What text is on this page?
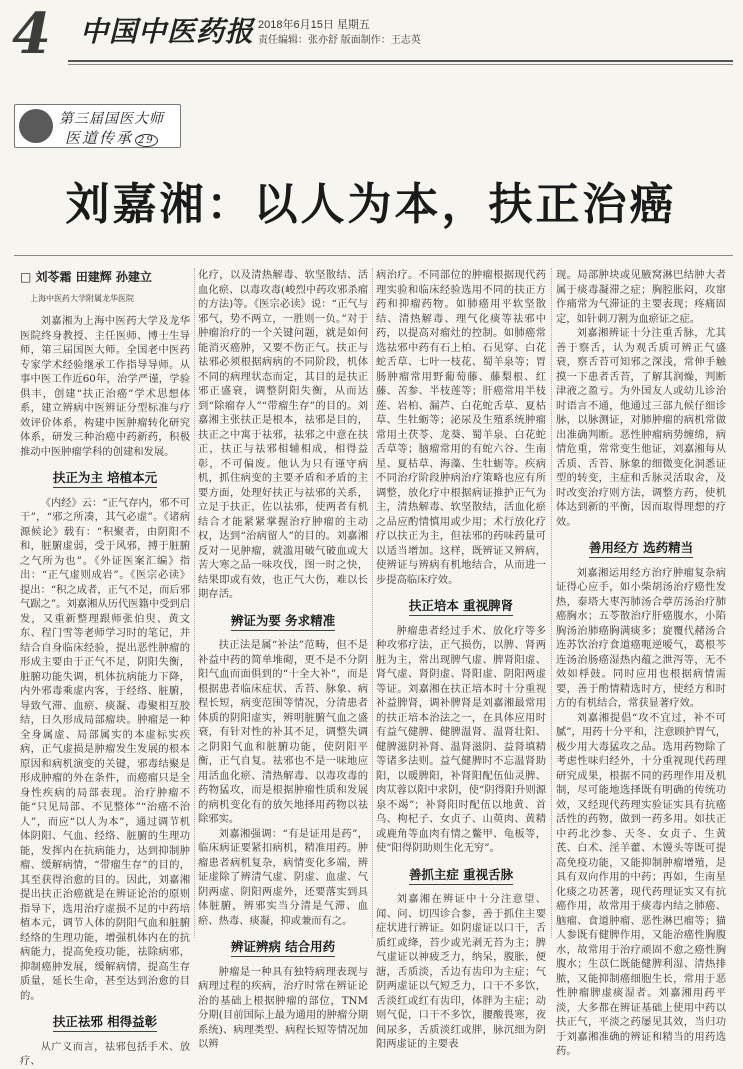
4 中国中医药报 2018年6月15日 星期五
责任编辑：张亦舒 版面制作：王志英
第三届国医大师
医道传承 29
刘嘉湘：以人为本，扶正治癌
□ 刘苓霜 田建辉 孙建立
上海中医药大学附属龙华医院

刘嘉湘为上海中医药大学及龙华医院终身教授、主任医师、博士生导师，第三届国医大师。全国老中医药专家学术经验继承工作指导导师。从事中医工作近60年，治学严谨，学验俱丰，创建“扶正治癌”学术思想体系，建立辨病中医辨证分型标准与疗效评价体系，构建中医肿瘤转化研究体系，研发三种治癌中药新药，积极推动中医肿瘤学科的创建和发展。

扶正为主 培植本元

《内经》云：“正气存内，邪不可干”，“邪之所凑，其气必虚”。《诸病源候论》载有：“积聚者，由阴阳不和，脏腑虚弱，受于风邪，搏于脏腑之气所为也”。《外证医案汇编》指出：“正气虚则成岩”。《医宗必读》提出：“积之成者，正气不足，而后邪气踞之”。刘嘉湘从历代医籍中受到启发，又重新整理跟师张伯臾、黄文东、程门雪等老师学习时的笔记，并结合自身临床经验，提出恶性肿瘤的形成主要由于正气不足，阴阳失衡，脏腑功能失调，机体抗病能力下降，内外邪毒乘虚内客，于经络、脏腑，导致气滞、血瘀、痰凝、毒聚相互胶结，日久形成局部瘤块。肿瘤是一种全身属虚、局部属实的本虚标实疾病，正气虚损是肿瘤发生发展的根本原因和病机演变的关键，邪毒结聚是形成肿瘤的外在条件，而癌瘤只是全身性疾病的局部表现。治疗肿瘤不能“只见局部、不见整体”“治癌不治人”，而应“以人为本”，通过调节机体阴阳、气血、经络、脏腑的生理功能，发挥内在抗病能力，达到抑制肿瘤、缓解病情，“带瘤生存”的目的，其至获得治愈的目的。因此，刘嘉湘提出扶正治癌就是在辨证论治的原则指导下，选用治疗虚损不足的中药培植本元，调节人体的阴阳气血和脏腑经络的生理功能，增强机体内在的抗病能力，提高免疫功能，祛除病邪，抑制癌肿发展，缓解病情，提高生存质量，延长生命，甚至达到治愈的目的。

扶正祛邪 相得益彰

从广义而言，祛邪包括手术、放疗、

化疗，以及清热解毒、软坚散结、活血化瘀、以毒攻毒(峻烈中药攻邪杀瘤的方法)等。《医宗必读》说：“正气与邪气，势不两立，一胜则一负。”对于肿瘤治疗的一个关键问题，就是如何能消灭癌肿，又要不伤正气。扶正与祛邪必须根据病病的不同阶段，机体不同的病理状态而定，其目的是扶正邪正盛衰，调整阴阳失衡，从而达到“除瘤存人”“带瘤生存”的目的。刘嘉湘主张扶正是根本，祛邪是目的，扶正之中寓于祛邪，祛邪之中意在扶正，扶正与祛邪相辅相成，相得益彰，不可偏废。他认为只有谨守病机，抓住病变的主要矛盾和矛盾的主要方面，处理好扶正与祛邪的关系，立足于扶正，佐以祛邪，使两者有机结合才能紧紧掌握治疗肿瘤的主动权，达到“治病留人”的目的。刘嘉湘反对一见肿瘤，就滥用破气破血或大苦大寒之品一味攻伐，图一时之快，结果即或有效，也正气大伤，难以长期存活。

辨证为要 务求精准

扶正法是属“补法”范畴，但不是补益中药的简单堆砌，更不是不分阴阳气血而面俱到的“十全大补”，而是根据患者临床症状、舌苔、脉象、病程长短，病变范围等情况，分清患者体质的阴阳虚实，辨明脏腑气血之盛衰，有针对性的补其不足，调整失调之阴阳气血和脏腑功能，使阴阳平衡，正气自复。祛邪也不是一味地应用活血化瘀、清热解毒、以毒攻毒的药物猛攻，而是根据肿瘤性质和发展的病机变化有的放矢地择用药物以祛除邪实。

刘嘉湘强调：“有是证用是药”，临床病证要紧扣病机，精准用药。肿瘤患者病机复杂，病情变化多端，辨证虚除了辨清气虚、阴虚、血虚、气阴两虚、阴阳两虚外，还要落实到具体脏腑，辨邪实当分清是气滞、血瘀、热毒、痰凝，抑或兼而有之。

辨证辨病 结合用药

肿瘤是一种具有独特病理表现与病理过程的疾病，治疗时常在辨证论治的基础上根据肿瘤的部位，TNM分期(目前国际上最为通用的肿瘤分期系统)、病理类型、病程长短等情况加以辨

病治疗。不同部位的肿瘤根据现代药理实验和临床经验选用不同的扶正方药和抑瘤药物。如肺癌用平软坚散结、清热解毒、理气化痰等祛邪中药，以提高对瘤灶的控制。如肺癌常选祛邪中药有石上柏、石见穿、白花蛇舌草、七叶一枝花、蜀羊泉等；胃肠肿瘤常用野葡萄藤、藤梨根、红藤、苦参、半枝莲等；肝癌常用半枝莲、岩柏、漏芦、白花蛇舌草、夏枯草、生牡蛎等；泌尿及生殖系统肿瘤常用土茯苓、龙葵、蜀羊泉、白花蛇舌草等；脑瘤常用的有蛇六谷、生南星、夏枯草、海藻、生牡蛎等。疾病不同治疗阶段肿病治疗策略也应有所调整，放化疗中根据病证推护正气为主，清热解毒、软坚散结，活血化瘀之品应酌情慎用或少用；术行放化疗疗以扶正为主，但祛邪的药味药量可以适当增加。这样，既辨证又辨病，使辨证与辨病有机地结合，从而进一步提高临床疗效。

扶正培本 重视脾肾

肿瘤患者经过手术、放化疗等多种攻邪疗法，正气损伤，以脾、肾两脏为主，常出现脾气虚、脾肾阳虚、肾气虚、肾阴虚、肾阳虚、阴阳两虚等证。刘嘉湘在扶正培本时十分重视补益脾肾，调补脾肾是刘嘉湘最常用的扶正培本治法之一，在具体应用时有益气健脾、健脾温肾、温肾壮阳、健脾滋阴补肾、温肾滋阴、益肾填精等诸多法则。益气健脾时不忘温肾助阳，以暖脾阳，补肾阳配伍仙灵脾、肉苁蓉以阳中求阴，使“阴得阳升则源泉不竭”；补肾阳时配伍以地黄、首乌、枸杞子、女贞子、山萸肉、黄精或鹿角等血肉有情之鳖甲、龟板等，使“阳得阴助则生化无穷”。

善抓主症 重视舌脉

刘嘉湘在辨证中十分注意望、闻、问、切四诊合参，善于抓住主要症状进行辨证。如阴虚证以口干，舌质红或绛，苔少或光剥无苔为主；脾气虚证以神疲乏力，纳呆，腹胀，便溏，舌质淡，舌边有齿印为主症；气阴两虚证以气短乏力，口干不多饮，舌淡红或红有齿印，体胖为主症；动则气促，口干不多饮，腰酸畏寒，夜间尿多，舌质淡红或胖，脉沉细为阴阳两虚证的主要表

现。局部肿块或见腋窝淋巴结肿大者属于痰毒凝滞之症；胸腔胀闷，攻窜作痛常为气滞证的主要表现；疼痛固定，如针刺刀割为血瘀证之症。

刘嘉湘辨证十分注重舌脉，尤其善于察舌，认为观舌质可辨正气盛衰，察舌苔可知邪之深浅，常伸手触摸一下患者舌苔，了解其润燥，判断津液之盈亏。为外国友人或幼儿诊治时语言不通，他通过三部九候仔细诊脉，以脉测证，对肺肿瘤的病机常做出准确判断。恶性肿瘤病势缠绵，病情危重，常常变生他证，刘嘉湘每从舌质、舌苔、脉象的细微变化洞悉证型的转变，主症和舌脉灵活取舍，及时改变治疗则方法，调整方药，使机体达到新的平衡，因而取得理想的疗效。

善用经方 选药精当

刘嘉湘运用经方治疗肿瘤复杂病证得心应手，如小柴胡汤治疗癌性发热，泰塔大枣泻肺汤合葶苈汤治疗肺癌胸水；五苓散治疗肝癌腹水，小陷胸汤治肺癌胸满痰多；旋覆代赭汤合连苏饮治疗食道癌呃逆嗳气，葛根芩连汤治肠癌湿热内蕴之泄泻等，无不效如桴鼓。同时应用也根据病情需要，善于酌情精选时方，使经方和时方的有机结合，常获显著疗效。

刘嘉湘提倡“攻不宜过，补不可腻”，用药十分平和，注意顾护胃气，极少用大毒猛攻之品。选用药物除了考虑性味归经外，十分重视现代药理研究成果，根据不同的药理作用及机制，尽可能地选择既有明确的传统功效，又经现代药理实验证实具有抗癌活性的药物，做到一药多用。如扶正中药北沙参、天冬、女贞子、生黄芪、白术、淫羊藿、木馒头等既可提高免疫功能，又能抑制肿瘤增殖，是具有双向作用的中药；再如，生南星化痰之功甚著，现代药理证实又有抗癌作用，故常用于痰毒内结之肺癌、脑瘤、食道肿瘤、恶性淋巴瘤等；猫人参既有健脾作用，又能治癌性胸腹水，故常用于治疗顽固不愈之癌性胸腹水；生苡仁既能健脾利湿、清热排脓，又能抑制癌细胞生长，常用于恶性肿瘤脾虚痰湿者。刘嘉湘用药平淡，大多都在辨证基础上使用中药以扶正气，平淡之药屡见其效，当归功于刘嘉湘准确的辨证和精当的用药选药。
